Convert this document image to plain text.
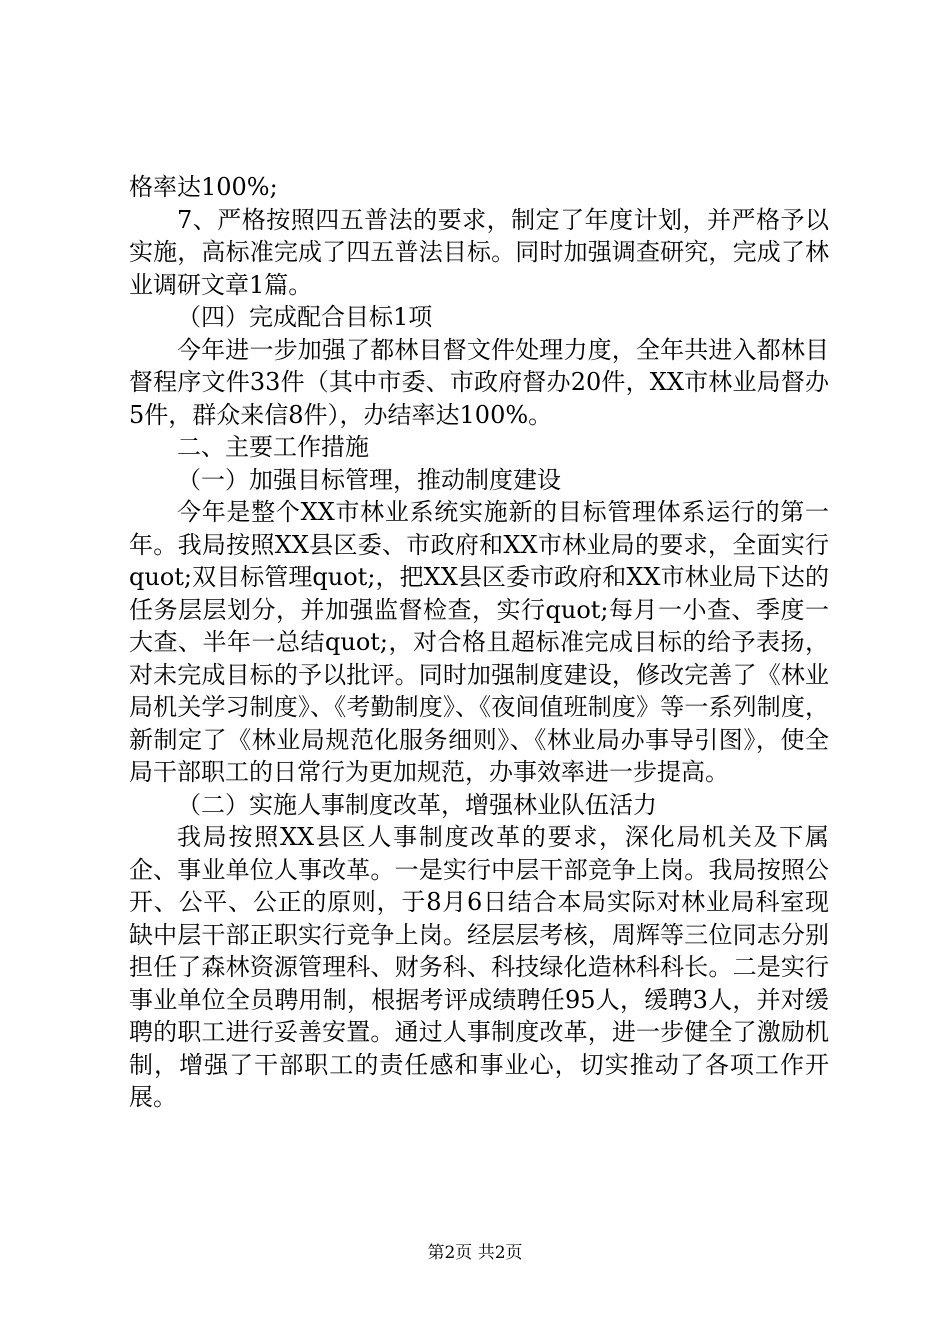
格率达100%;

7、严格按照四五普法的要求，制定了年度计划，并严格予以实施，高标准完成了四五普法目标。同时加强调查研究，完成了林业调研文章1篇。

（四）完成配合目标1项

今年进一步加强了都林目督文件处理力度，全年共进入都林目督程序文件33件（其中市委、市政府督办20件，XX市林业局督办5件，群众来信8件），办结率达100%。

二、主要工作措施

（一）加强目标管理，推动制度建设

今年是整个XX市林业系统实施新的目标管理体系运行的第一年。我局按照XX县区委、市政府和XX市林业局的要求，全面实行quot;双目标管理quot;，把XX县区委市政府和XX市林业局下达的任务层层划分，并加强监督检查，实行quot;每月一小查、季度一大查、半年一总结quot;，对合格且超标准完成目标的给予表扬，对未完成目标的予以批评。同时加强制度建设，修改完善了《林业局机关学习制度》、《考勤制度》、《夜间值班制度》等一系列制度，新制定了《林业局规范化服务细则》、《林业局办事导引图》，使全局干部职工的日常行为更加规范，办事效率进一步提高。

（二）实施人事制度改革，增强林业队伍活力

我局按照XX县区人事制度改革的要求，深化局机关及下属企、事业单位人事改革。一是实行中层干部竞争上岗。我局按照公开、公平、公正的原则，于8月6日结合本局实际对林业局科室现缺中层干部正职实行竞争上岗。经层层考核，周辉等三位同志分别担任了森林资源管理科、财务科、科技绿化造林科科长。二是实行事业单位全员聘用制，根据考评成绩聘任95人，缓聘3人，并对缓聘的职工进行妥善安置。通过人事制度改革，进一步健全了激励机制，增强了干部职工的责任感和事业心，切实推动了各项工作开展。

第2页 共2页
